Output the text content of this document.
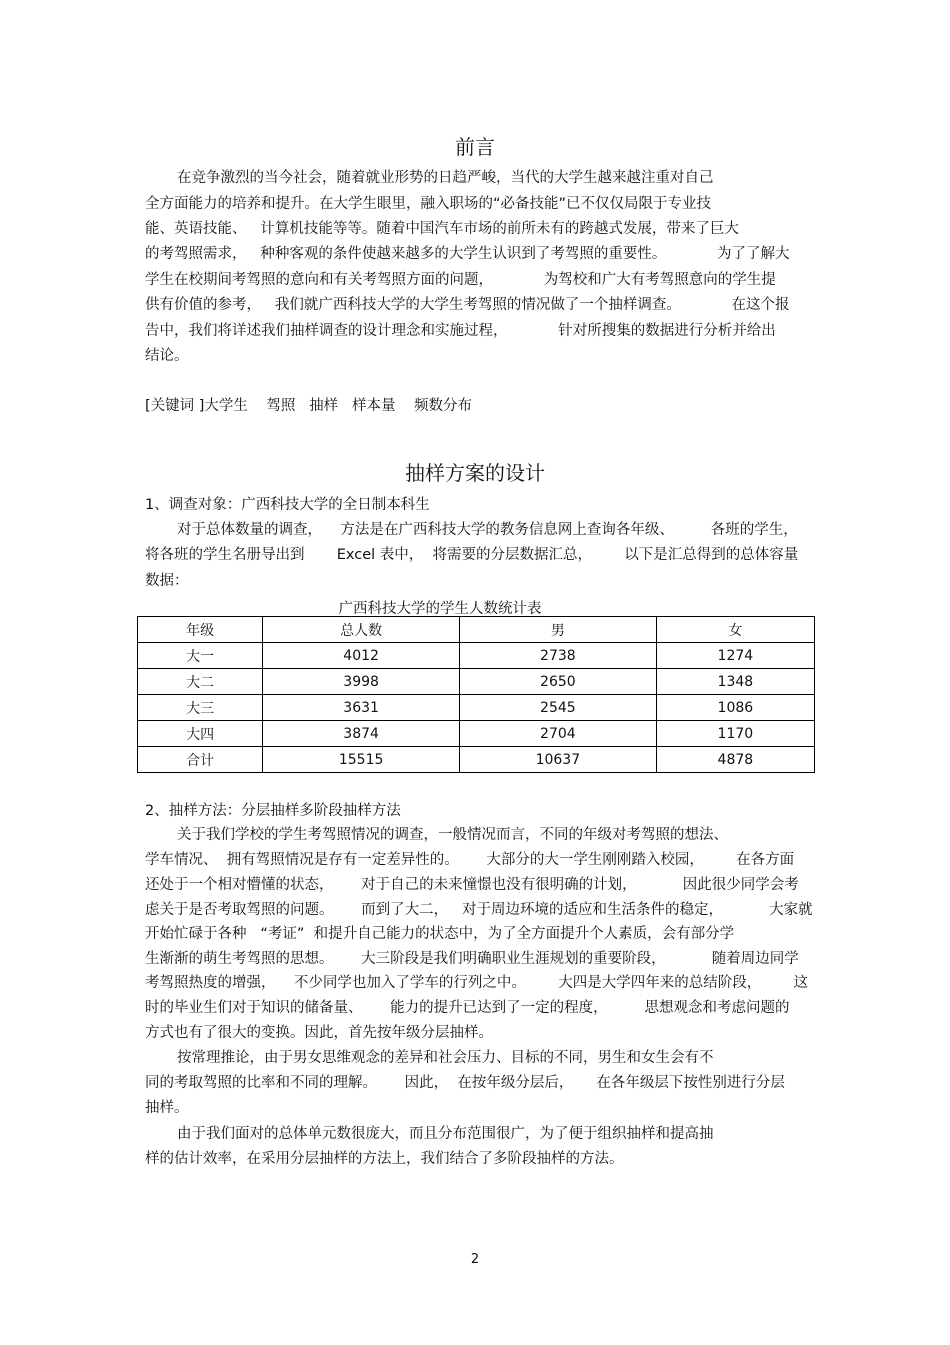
前言
在竞争激烈的当今社会，随着就业形势的日趋严峻，当代的大学生越来越注重对自己
全方面能力的培养和提升。在大学生眼里，融入职场的“必备技能”已不仅仅局限于专业技
能、英语技能、   计算机技能等等。随着中国汽车市场的前所未有的跨越式发展，带来了巨大
的考驾照需求，   种种客观的条件使越来越多的大学生认识到了考驾照的重要性。           为了了解大
学生在校期间考驾照的意向和有关考驾照方面的问题，           为驾校和广大有考驾照意向的学生提
供有价值的参考，   我们就广西科技大学的大学生考驾照的情况做了一个抽样调查。           在这个报
告中，我们将详述我们抽样调查的设计理念和实施过程，           针对所搜集的数据进行分析并给出
结论。
[关键词 ]大学生    驾照   抽样   样本量    频数分布
抽样方案的设计
1、调查对象：广西科技大学的全日制本科生
对于总体数量的调查，    方法是在广西科技大学的教务信息网上查询各年级、        各班的学生，
将各班的学生名册导出到       Excel 表中，  将需要的分层数据汇总，       以下是汇总得到的总体容量
数据：
广西科技大学的学生人数统计表
年级	总人数	男	女
大一	4012	2738	1274
大二	3998	2650	1348
大三	3631	2545	1086
大四	3874	2704	1170
合计	15515	10637	4878
2、抽样方法：分层抽样多阶段抽样方法
关于我们学校的学生考驾照情况的调查，一般情况而言，不同的年级对考驾照的想法、
学车情况、  拥有驾照情况是存有一定差异性的。      大部分的大一学生刚刚踏入校园，       在各方面
还处于一个相对懵懂的状态，      对于自己的未来憧憬也没有很明确的计划，          因此很少同学会考
虑关于是否考取驾照的问题。      而到了大二，   对于周边环境的适应和生活条件的稳定，          大家就
开始忙碌于各种   “考证”  和提升自己能力的状态中，为了全方面提升个人素质，会有部分学
生渐渐的萌生考驾照的思想。      大三阶段是我们明确职业生涯规划的重要阶段，          随着周边同学
考驾照热度的增强，    不少同学也加入了学车的行列之中。       大四是大学四年来的总结阶段，       这
时的毕业生们对于知识的储备量、      能力的提升已达到了一定的程度，        思想观念和考虑问题的
方式也有了很大的变换。因此，首先按年级分层抽样。
按常理推论，由于男女思维观念的差异和社会压力、目标的不同，男生和女生会有不
同的考取驾照的比率和不同的理解。      因此，  在按年级分层后，     在各年级层下按性别进行分层
抽样。
由于我们面对的总体单元数很庞大，而且分布范围很广，为了便于组织抽样和提高抽
样的估计效率，在采用分层抽样的方法上，我们结合了多阶段抽样的方法。
2
